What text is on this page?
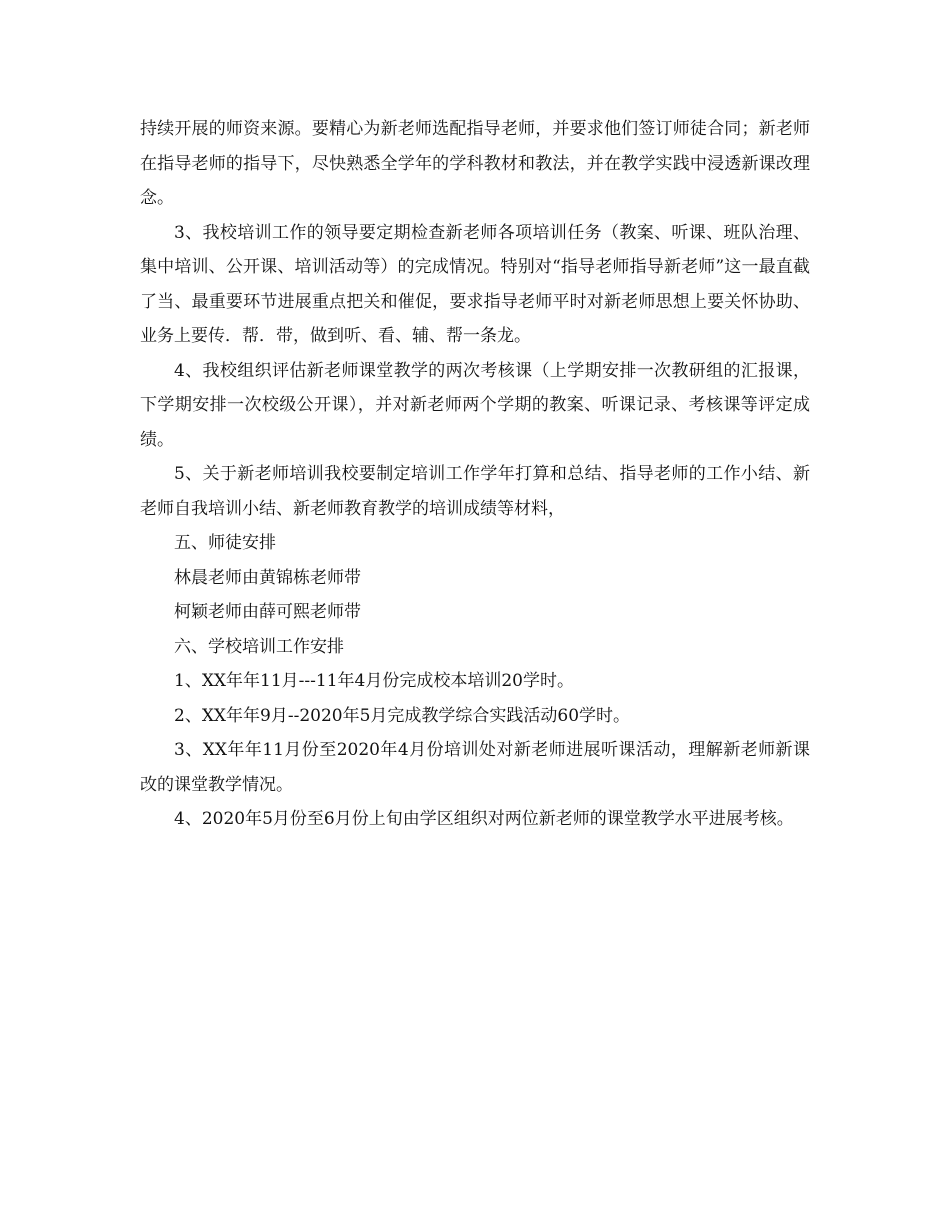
持续开展的师资来源。要精心为新老师选配指导老师，并要求他们签订师徒合同；新老师在指导老师的指导下，尽快熟悉全学年的学科教材和教法，并在教学实践中浸透新课改理念。

3、我校培训工作的领导要定期检查新老师各项培训任务（教案、听课、班队治理、集中培训、公开课、培训活动等）的完成情况。特别对“指导老师指导新老师”这一最直截了当、最重要环节进展重点把关和催促，要求指导老师平时对新老师思想上要关怀协助、业务上要传．帮．带，做到听、看、辅、帮一条龙。

4、我校组织评估新老师课堂教学的两次考核课（上学期安排一次教研组的汇报课，下学期安排一次校级公开课），并对新老师两个学期的教案、听课记录、考核课等评定成绩。

5、关于新老师培训我校要制定培训工作学年打算和总结、指导老师的工作小结、新老师自我培训小结、新老师教育教学的培训成绩等材料，

五、师徒安排

林晨老师由黄锦栋老师带

柯颖老师由薛可熙老师带

六、学校培训工作安排

1、XX年年11月---11年4月份完成校本培训20学时。

2、XX年年9月--2020年5月完成教学综合实践活动60学时。

3、XX年年11月份至2020年4月份培训处对新老师进展听课活动，理解新老师新课改的课堂教学情况。

4、2020年5月份至6月份上旬由学区组织对两位新老师的课堂教学水平进展考核。
